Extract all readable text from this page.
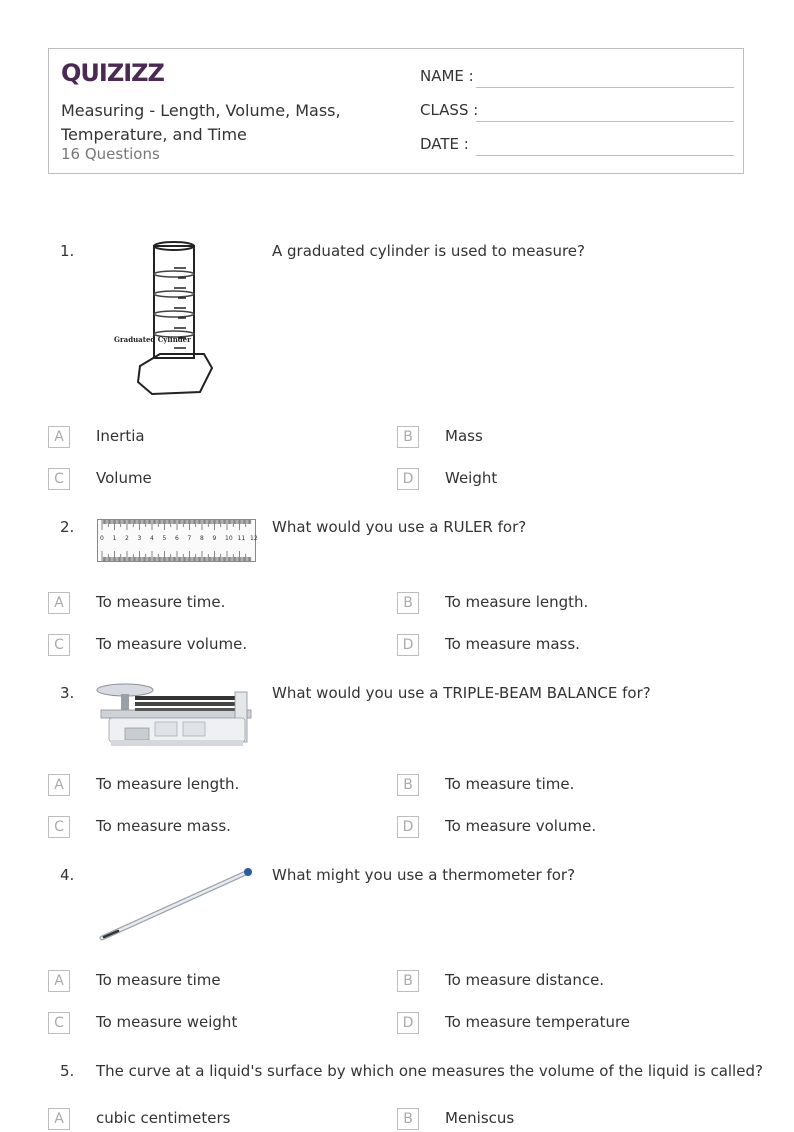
QUIZIZZ
Measuring - Length, Volume, Mass, Temperature, and Time
16 Questions
NAME :
CLASS :
DATE :
1.	A graduated cylinder is used to measure?
Graduated Cylinder
A	Inertia	B	Mass
C	Volume	D	Weight
2.	What would you use a RULER for?
0 1 2 3 4 5 6 7 8 9 10 11 12
A	To measure time.	B	To measure length.
C	To measure volume.	D	To measure mass.
3.	What would you use a TRIPLE-BEAM BALANCE for?
A	To measure length.	B	To measure time.
C	To measure mass.	D	To measure volume.
4.	What might you use a thermometer for?
A	To measure time	B	To measure distance.
C	To measure weight	D	To measure temperature
5. The curve at a liquid's surface by which one measures the volume of the liquid is called?
A	cubic centimeters	B	Meniscus
